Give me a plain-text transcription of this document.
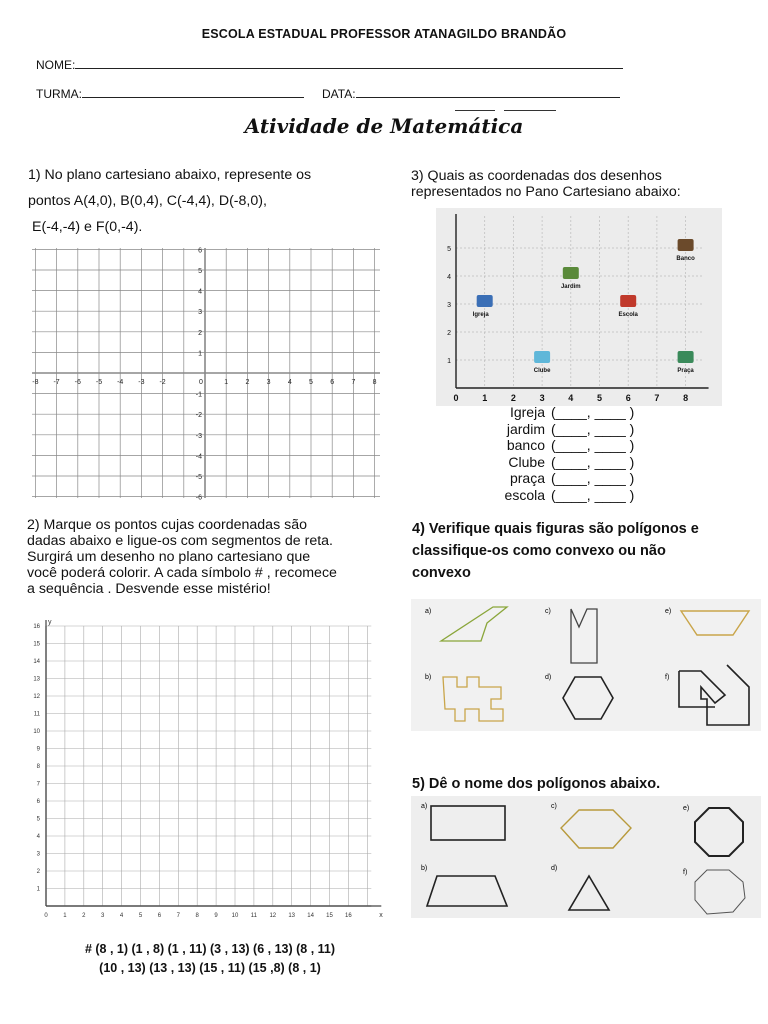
ESCOLA ESTADUAL PROFESSOR ATANAGILDO BRANDÃO
NOME:
TURMA:	DATA:
Atividade de Matemática
1) No plano cartesiano abaixo, represente os
pontos A(4,0), B(0,4), C(-4,4), D(-8,0),
E(-4,-4) e F(0,-4).
-8 -7 -6 -5 -4 -3 -2	0	1 2 3 4 5 6 7 8
6
5
4
3
2
1
-1
-2
-3
-4
-5
-6
3) Quais as coordenadas dos desenhos
representados no Pano Cartesiano abaixo:
0	1	2	3	4	5	6	7	8
5
4
3
2
1
Banco
Jardim
Igreja	Escola
Clube	Praça
Igreja (____, ____ )
jardim (____, ____ )
banco (____, ____ )
Clube (____, ____ )
praça (____, ____ )
escola (____, ____ )
2) Marque os pontos cujas coordenadas são
dadas abaixo e ligue-os com segmentos de reta.
Surgirá um desenho no plano cartesiano que
você poderá colorir. A cada símbolo # , recomece
a sequência . Desvende esse mistério!
0	1	2	3	4	5	6	7	8	9 10 11 12 13 14 15 16
16
15
14
13
12
11
10
9
8
7
6
5
4
3
2
1
y
x
# (8 , 1) (1 , 8) (1 , 11) (3 , 13) (6 , 13) (8 , 11)
(10 , 13) (13 , 13) (15 , 11) (15 ,8) (8 , 1)
4) Verifique quais figuras são polígonos e
classifique-os como convexo ou não
convexo
a)
b)
c)
d)
e)
f)
5) Dê o nome dos polígonos abaixo.
a)
b)
c)
d)
e)
f)
